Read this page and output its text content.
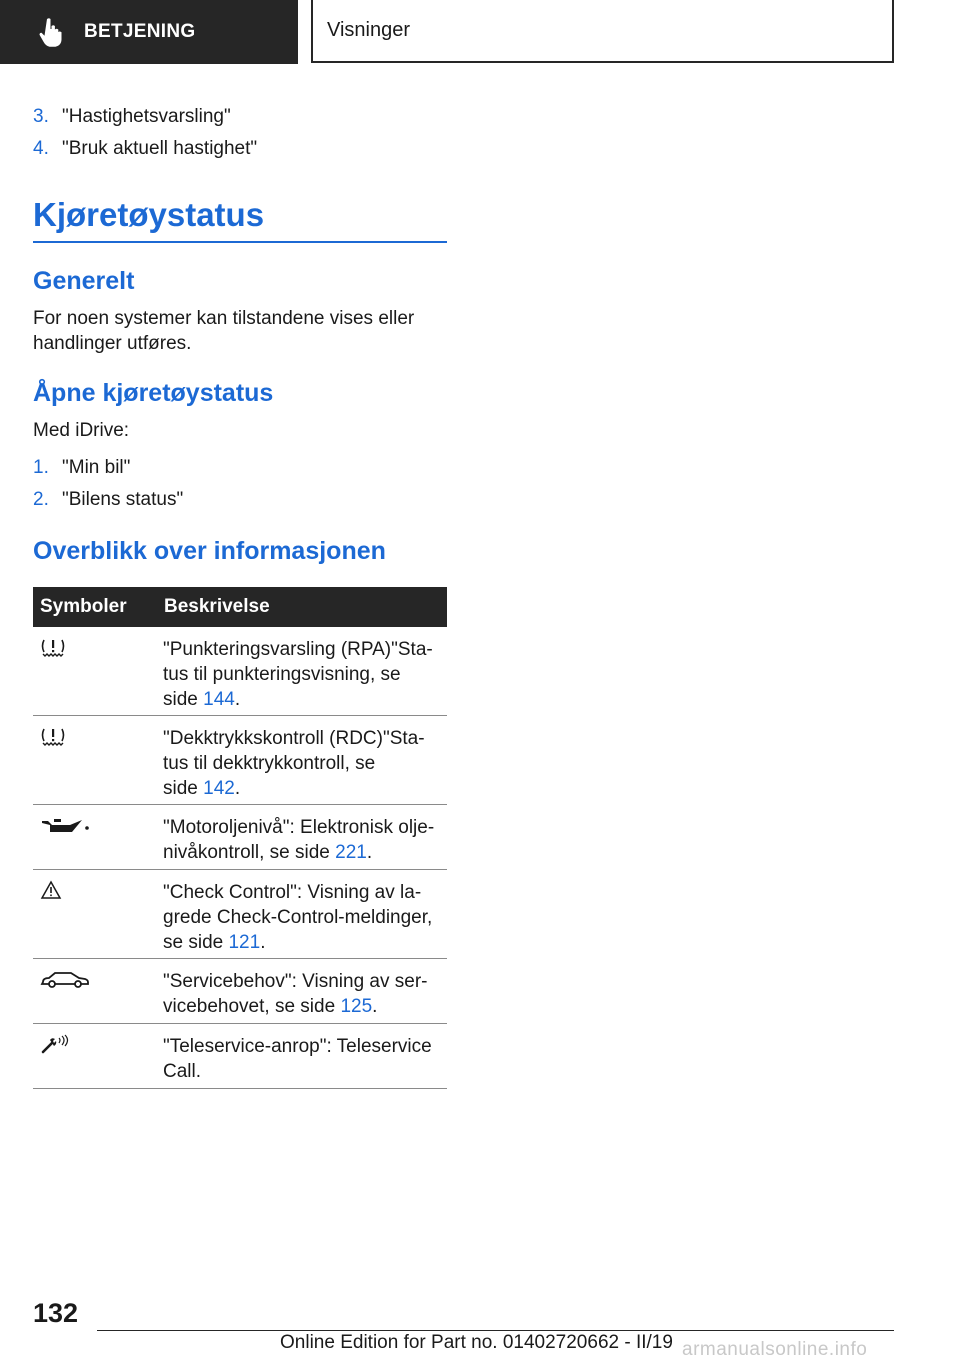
BETJENING	Visninger
3. "Hastighetsvarsling"
4. "Bruk aktuell hastighet"
Kjøretøystatus
Generelt
For noen systemer kan tilstandene vises eller handlinger utføres.
Åpne kjøretøystatus
Med iDrive:
1. "Min bil"
2. "Bilens status"
Overblikk over informasjonen
Symboler	Beskrivelse
"Punkteringsvarsling (RPA)"Sta-
tus til punkteringsvisning, se
side 144.
"Dekktrykkskontroll (RDC)"Sta-
tus til dekktrykkontroll, se
side 142.
"Motoroljenivå": Elektronisk olje-
nivåkontroll, se side 221.
"Check Control": Visning av la-
grede Check-Control-meldinger,
se side 121.
"Servicebehov": Visning av ser-
vicebehovet, se side 125.
"Teleservice-anrop": Teleservice
Call.
132
Online Edition for Part no. 01402720662 - II/19 armanualsonline.info
